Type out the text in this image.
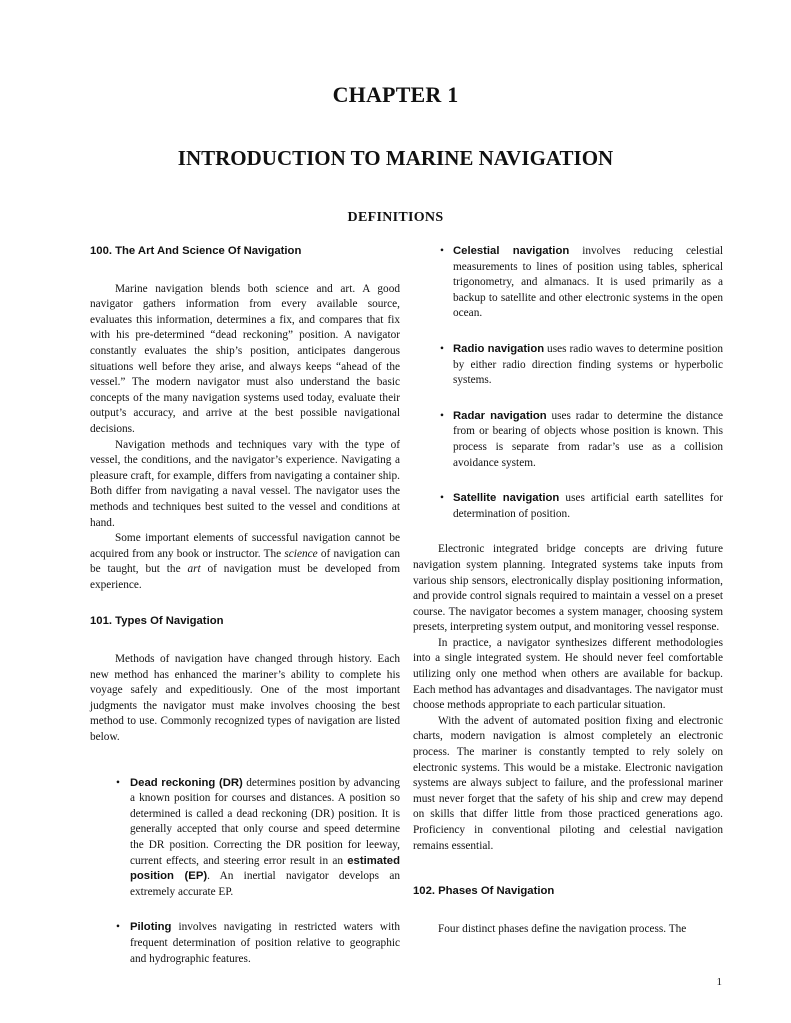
CHAPTER 1
INTRODUCTION TO MARINE NAVIGATION
DEFINITIONS
100. The Art And Science Of Navigation

Marine navigation blends both science and art. A good navigator gathers information from every available source, evaluates this information, determines a fix, and compares that fix with his pre-determined “dead reckoning” position. A navigator constantly evaluates the ship’s position, anticipates dangerous situations well before they arise, and always keeps “ahead of the vessel.” The modern navigator must also understand the basic concepts of the many navigation systems used today, evaluate their output’s accuracy, and arrive at the best possible navigational decisions.

Navigation methods and techniques vary with the type of vessel, the conditions, and the navigator’s experience. Navigating a pleasure craft, for example, differs from navigating a container ship. Both differ from navigating a naval vessel. The navigator uses the methods and techniques best suited to the vessel and conditions at hand.

Some important elements of successful navigation cannot be acquired from any book or instructor. The science of navigation can be taught, but the art of navigation must be developed from experience.

101. Types Of Navigation

Methods of navigation have changed through history. Each new method has enhanced the mariner’s ability to complete his voyage safely and expeditiously. One of the most important judgments the navigator must make involves choosing the best method to use. Commonly recognized types of navigation are listed below.

• Dead reckoning (DR) determines position by advancing a known position for courses and distances. A position so determined is called a dead reckoning (DR) position. It is generally accepted that only course and speed determine the DR position. Correcting the DR position for leeway, current effects, and steering error result in an estimated position (EP). An inertial navigator develops an extremely accurate EP.
• Piloting involves navigating in restricted waters with frequent determination of position relative to geographic and hydrographic features.
• Celestial navigation involves reducing celestial measurements to lines of position using tables, spherical trigonometry, and almanacs. It is used primarily as a backup to satellite and other electronic systems in the open ocean.
• Radio navigation uses radio waves to determine position by either radio direction finding systems or hyperbolic systems.
• Radar navigation uses radar to determine the distance from or bearing of objects whose position is known. This process is separate from radar’s use as a collision avoidance system.
• Satellite navigation uses artificial earth satellites for determination of position.

Electronic integrated bridge concepts are driving future navigation system planning. Integrated systems take inputs from various ship sensors, electronically display positioning information, and provide control signals required to maintain a vessel on a preset course. The navigator becomes a system manager, choosing system presets, interpreting system output, and monitoring vessel response.

In practice, a navigator synthesizes different methodologies into a single integrated system. He should never feel comfortable utilizing only one method when others are available for backup. Each method has advantages and disadvantages. The navigator must choose methods appropriate to each particular situation.

With the advent of automated position fixing and electronic charts, modern navigation is almost completely an electronic process. The mariner is constantly tempted to rely solely on electronic systems. This would be a mistake. Electronic navigation systems are always subject to failure, and the professional mariner must never forget that the safety of his ship and crew may depend on skills that differ little from those practiced generations ago. Proficiency in conventional piloting and celestial navigation remains essential.

102. Phases Of Navigation

Four distinct phases define the navigation process. The

1
